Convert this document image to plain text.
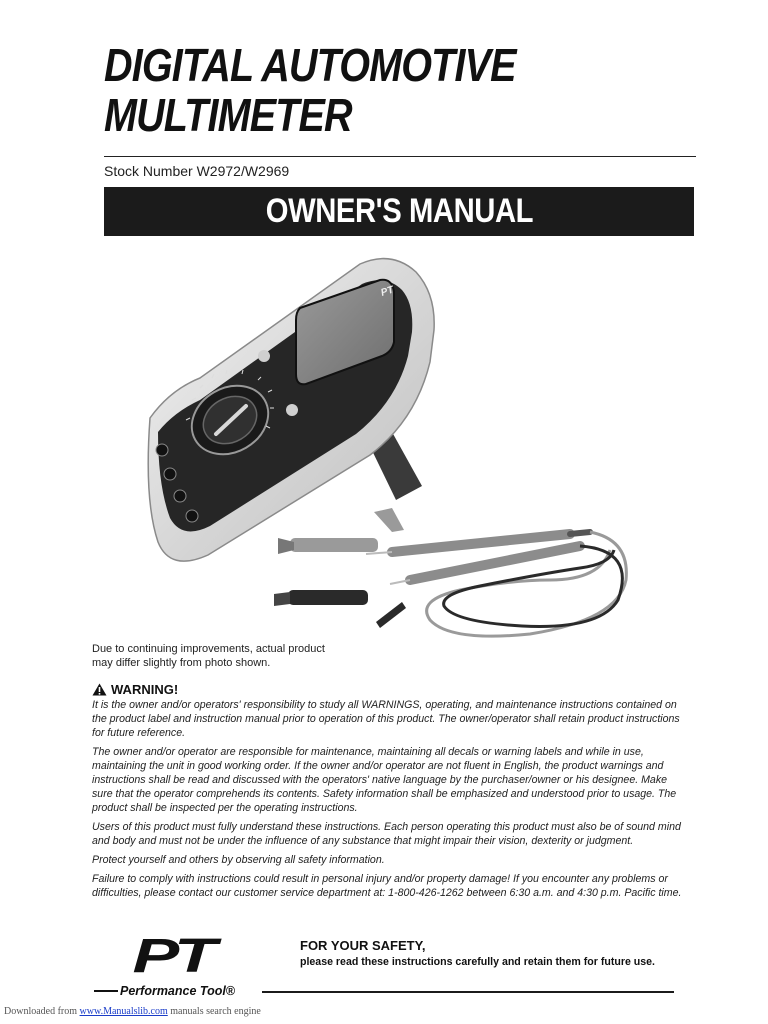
DIGITAL AUTOMOTIVE
MULTIMETER
Stock Number W2972/W2969
OWNER'S MANUAL
PT
Due to continuing improvements, actual product
may differ slightly from photo shown.
WARNING!

It is the owner and/or operators' responsibility to study all WARNINGS, operating, and maintenance instructions contained on the product label and instruction manual prior to operation of this product. The owner/operator shall retain product instructions for future reference.

The owner and/or operator are responsible for maintenance, maintaining all decals or warning labels and while in use, maintaining the unit in good working order. If the owner and/or operator are not fluent in English, the product warnings and instructions shall be read and discussed with the operators' native language by the purchaser/owner or his designee. Make sure that the operator comprehends its contents. Safety information shall be emphasized and understood prior to usage. The product shall be inspected per the operating instructions.

Users of this product must fully understand these instructions. Each person operating this product must also be of sound mind and body and must not be under the influence of any substance that might impair their vision, dexterity or judgment.

Protect yourself and others by observing all safety information.

Failure to comply with instructions could result in personal injury and/or property damage! If you encounter any problems or difficulties, please contact our customer service department at: 1-800-426-1262 between 6:30 a.m. and 4:30 p.m. Pacific time.

PT
Performance Tool®
FOR YOUR SAFETY,
please read these instructions carefully and retain them for future use.
Downloaded from www.Manualslib.com manuals search engine
